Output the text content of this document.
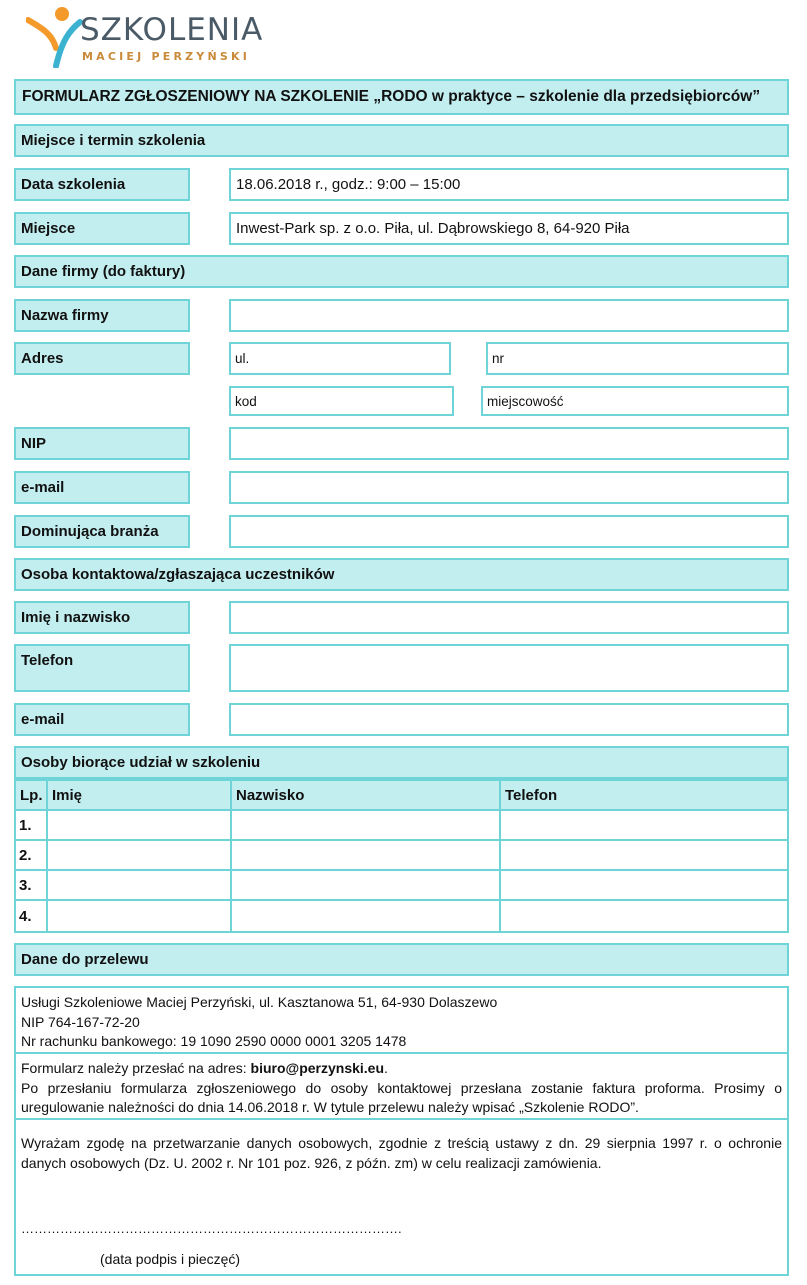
SZKOLENIA
MACIEJ PERZYŃSKI
FORMULARZ ZGŁOSZENIOWY NA SZKOLENIE „RODO w praktyce – szkolenie dla przedsiębiorców”
Miejsce i termin szkolenia
Data szkolenia	18.06.2018 r., godz.: 9:00 – 15:00
Miejsce	Inwest-Park sp. z o.o. Piła, ul. Dąbrowskiego 8, 64-920 Piła
Dane firmy (do faktury)
Nazwa firmy
Adres	ul.	nr
kod	miejscowość
NIP
e-mail
Dominująca branża
Osoba kontaktowa/zgłaszająca uczestników
Imię i nazwisko
Telefon
e-mail
Osoby biorące udział w szkoleniu
Lp. Imię	Nazwisko	Telefon
1.
2.
3.
4.
Dane do przelewu
Usługi Szkoleniowe Maciej Perzyński, ul. Kasztanowa 51, 64-930 Dolaszewo
NIP 764-167-72-20
Nr rachunku bankowego: 19 1090 2590 0000 0001 3205 1478
Formularz należy przesłać na adres: biuro@perzynski.eu.
Po przesłaniu formularza zgłoszeniowego do osoby kontaktowej przesłana zostanie faktura proforma. Prosimy o uregulowanie należności do dnia 14.06.2018 r. W tytule przelewu należy wpisać „Szkolenie RODO”.
Wyrażam zgodę na przetwarzanie danych osobowych, zgodnie z treścią ustawy z dn. 29 sierpnia 1997 r. o ochronie danych osobowych (Dz. U. 2002 r. Nr 101 poz. 926, z późn. zm) w celu realizacji zamówienia.
…………………………………………………………………………….
(data podpis i pieczęć)
